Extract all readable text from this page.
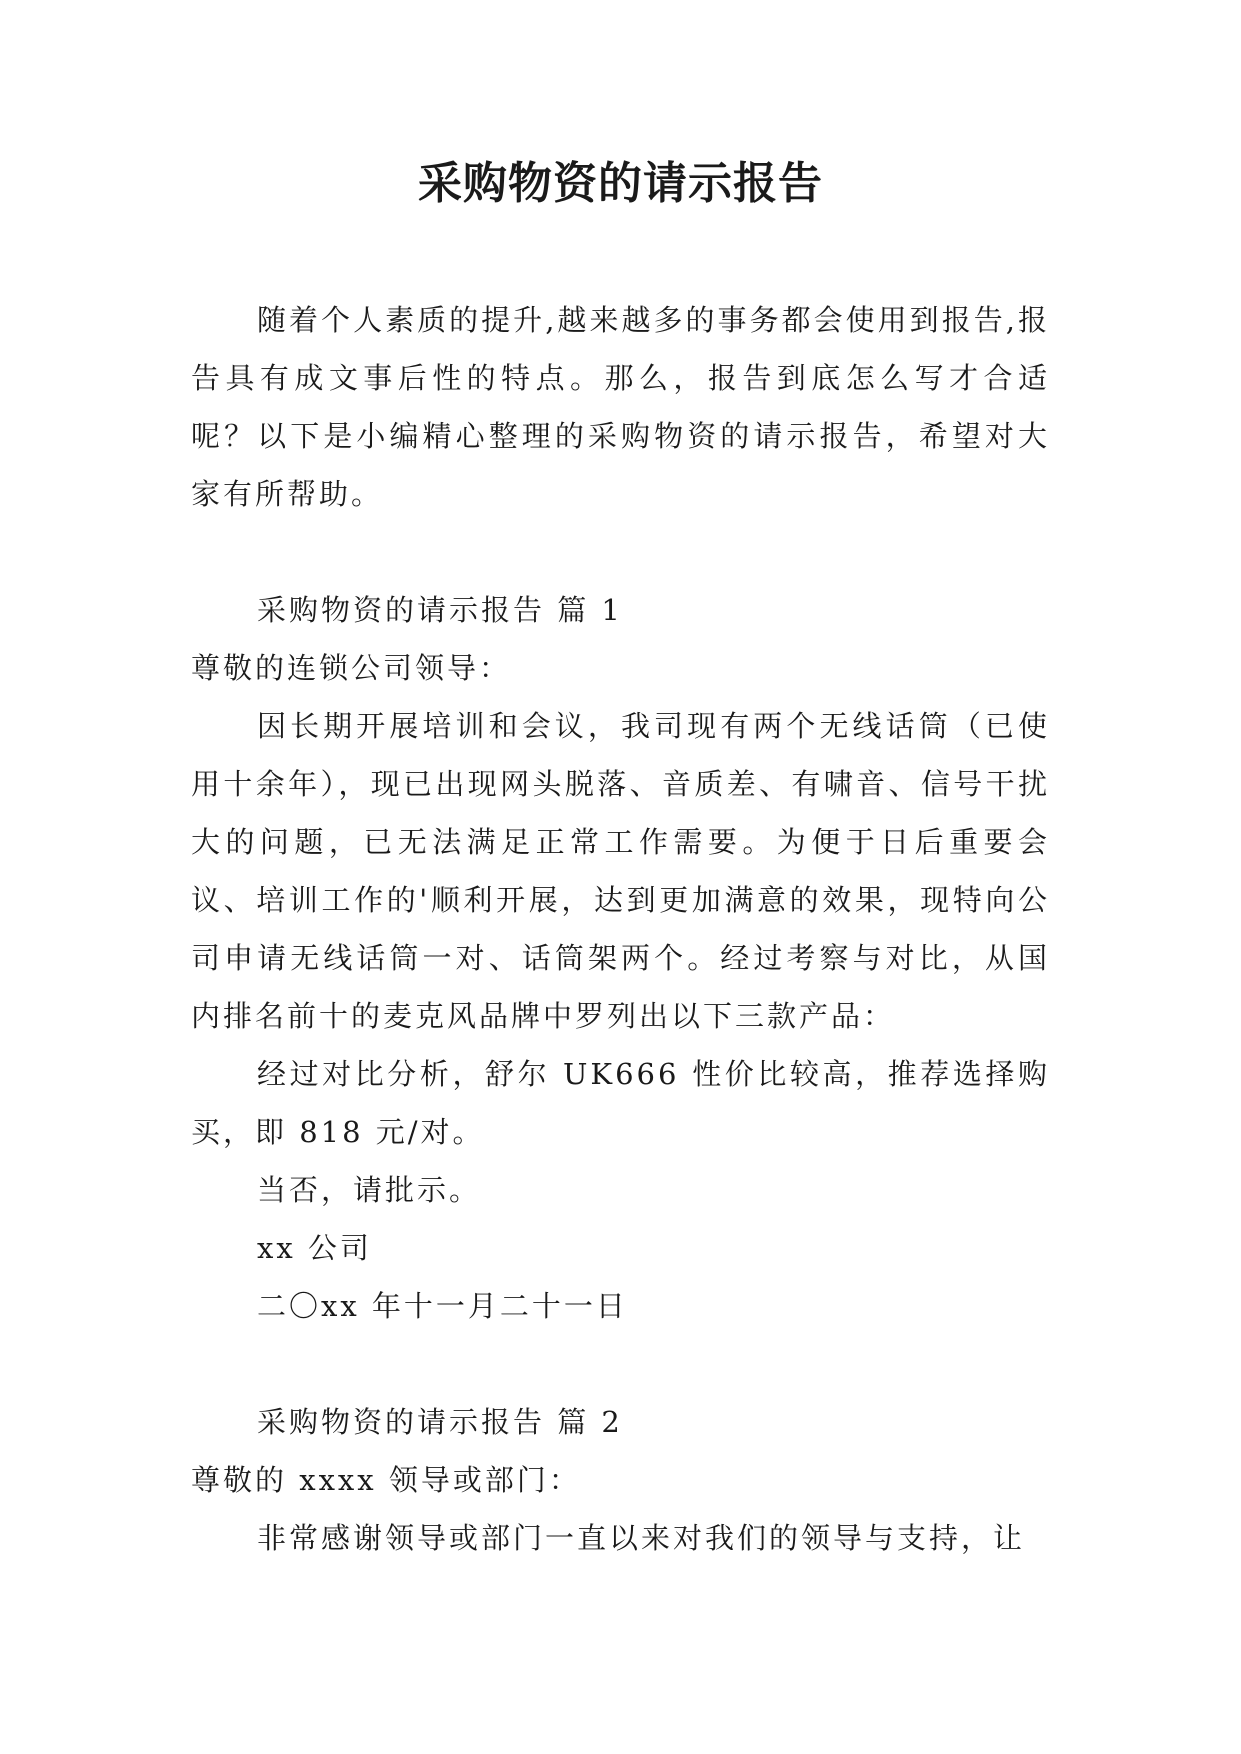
采购物资的请示报告

随着个人素质的提升,越来越多的事务都会使用到报告,报告具有成文事后性的特点。那么，报告到底怎么写才合适呢？以下是小编精心整理的采购物资的请示报告，希望对大家有所帮助。

采购物资的请示报告 篇 1

尊敬的连锁公司领导：

因长期开展培训和会议，我司现有两个无线话筒（已使用十余年），现已出现网头脱落、音质差、有啸音、信号干扰大的问题，已无法满足正常工作需要。为便于日后重要会议、培训工作的'顺利开展，达到更加满意的效果，现特向公司申请无线话筒一对、话筒架两个。经过考察与对比，从国内排名前十的麦克风品牌中罗列出以下三款产品：

经过对比分析，舒尔 UK666 性价比较高，推荐选择购买，即 818 元/对。

当否，请批示。

xx 公司

二〇xx 年十一月二十一日

采购物资的请示报告 篇 2

尊敬的 xxxx 领导或部门：

非常感谢领导或部门一直以来对我们的领导与支持，让
